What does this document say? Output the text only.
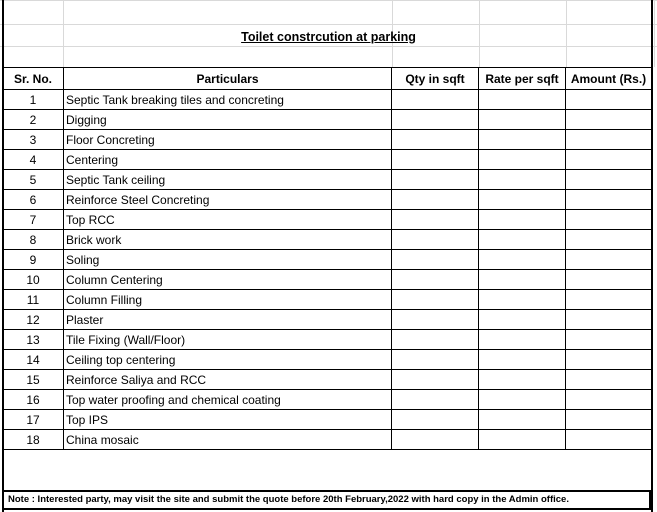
Toilet constrcution at parking
Sr. No.	Particulars	Qty in sqft	Rate per sqft	Amount (Rs.)
1	Septic Tank breaking tiles and concreting			
2	Digging			
3	Floor Concreting			
4	Centering			
5	Septic Tank ceiling			
6	Reinforce Steel Concreting			
7	Top RCC			
8	Brick work			
9	Soling			
10	Column Centering			
11	Column Filling			
12	Plaster			
13	Tile Fixing (Wall/Floor)			
14	Ceiling top centering			
15	Reinforce Saliya and RCC			
16	Top water proofing and chemical coating			
17	Top IPS			
18	China mosaic			
Note : Interested party, may visit the site and submit the quote before 20th February,2022 with hard copy in the Admin office.
